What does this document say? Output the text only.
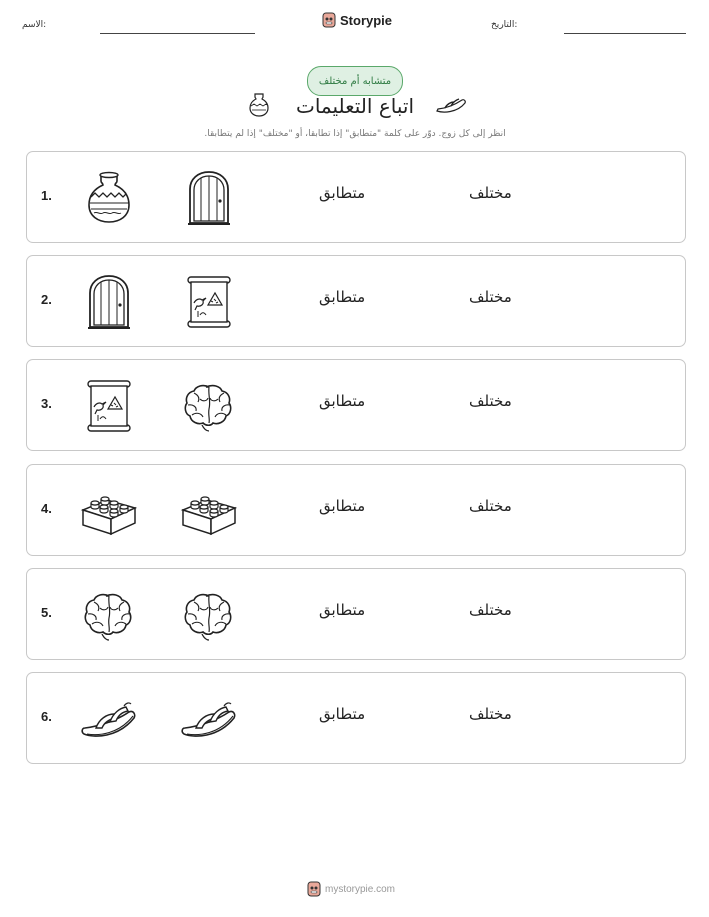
الاسم:	Storypie	التاريخ:
متشابه أم مختلف
اتباع التعليمات
انظر إلى كل زوج. دوّر على كلمة "متطابق" إذا تطابقا، أو "مختلف" إذا لم يتطابقا.
1.	متطابق	مختلف
2.	متطابق	مختلف
3.	متطابق	مختلف
4.	متطابق	مختلف
5.	متطابق	مختلف
6.	متطابق	مختلف
mystorypie.com
